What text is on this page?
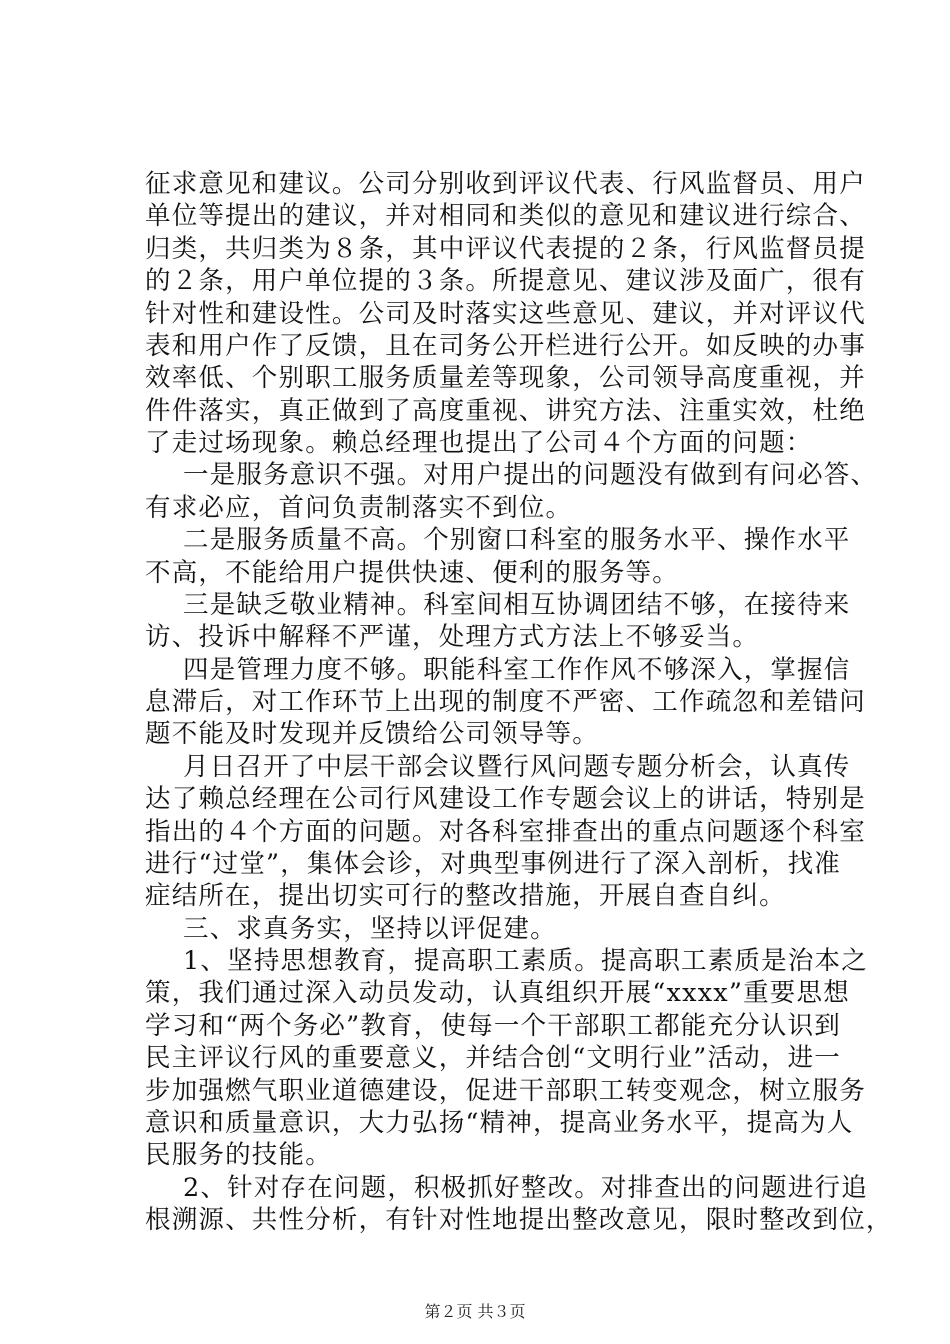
征求意见和建议。公司分别收到评议代表、行风监督员、用户
单位等提出的建议，并对相同和类似的意见和建议进行综合、
归类，共归类为８条，其中评议代表提的２条，行风监督员提
的２条，用户单位提的３条。所提意见、建议涉及面广，很有
针对性和建设性。公司及时落实这些意见、建议，并对评议代
表和用户作了反馈，且在司务公开栏进行公开。如反映的办事
效率低、个别职工服务质量差等现象，公司领导高度重视，并
件件落实，真正做到了高度重视、讲究方法、注重实效，杜绝
了走过场现象。赖总经理也提出了公司４个方面的问题：
一是服务意识不强。对用户提出的问题没有做到有问必答、
有求必应，首问负责制落实不到位。
二是服务质量不高。个别窗口科室的服务水平、操作水平
不高，不能给用户提供快速、便利的服务等。
三是缺乏敬业精神。科室间相互协调团结不够，在接待来
访、投诉中解释不严谨，处理方式方法上不够妥当。
四是管理力度不够。职能科室工作作风不够深入，掌握信
息滞后，对工作环节上出现的制度不严密、工作疏忽和差错问
题不能及时发现并反馈给公司领导等。
月日召开了中层干部会议暨行风问题专题分析会，认真传
达了赖总经理在公司行风建设工作专题会议上的讲话，特别是
指出的４个方面的问题。对各科室排查出的重点问题逐个科室
进行“过堂”，集体会诊，对典型事例进行了深入剖析，找准
症结所在，提出切实可行的整改措施，开展自查自纠。
三、求真务实，坚持以评促建。
1、坚持思想教育，提高职工素质。提高职工素质是治本之
策，我们通过深入动员发动，认真组织开展“xxxx”重要思想
学习和“两个务必”教育，使每一个干部职工都能充分认识到
民主评议行风的重要意义，并结合创“文明行业”活动，进一
步加强燃气职业道德建设，促进干部职工转变观念，树立服务
意识和质量意识，大力弘扬“精神，提高业务水平，提高为人
民服务的技能。
2、针对存在问题，积极抓好整改。对排查出的问题进行追
根溯源、共性分析，有针对性地提出整改意见，限时整改到位，
第２页 共３页
